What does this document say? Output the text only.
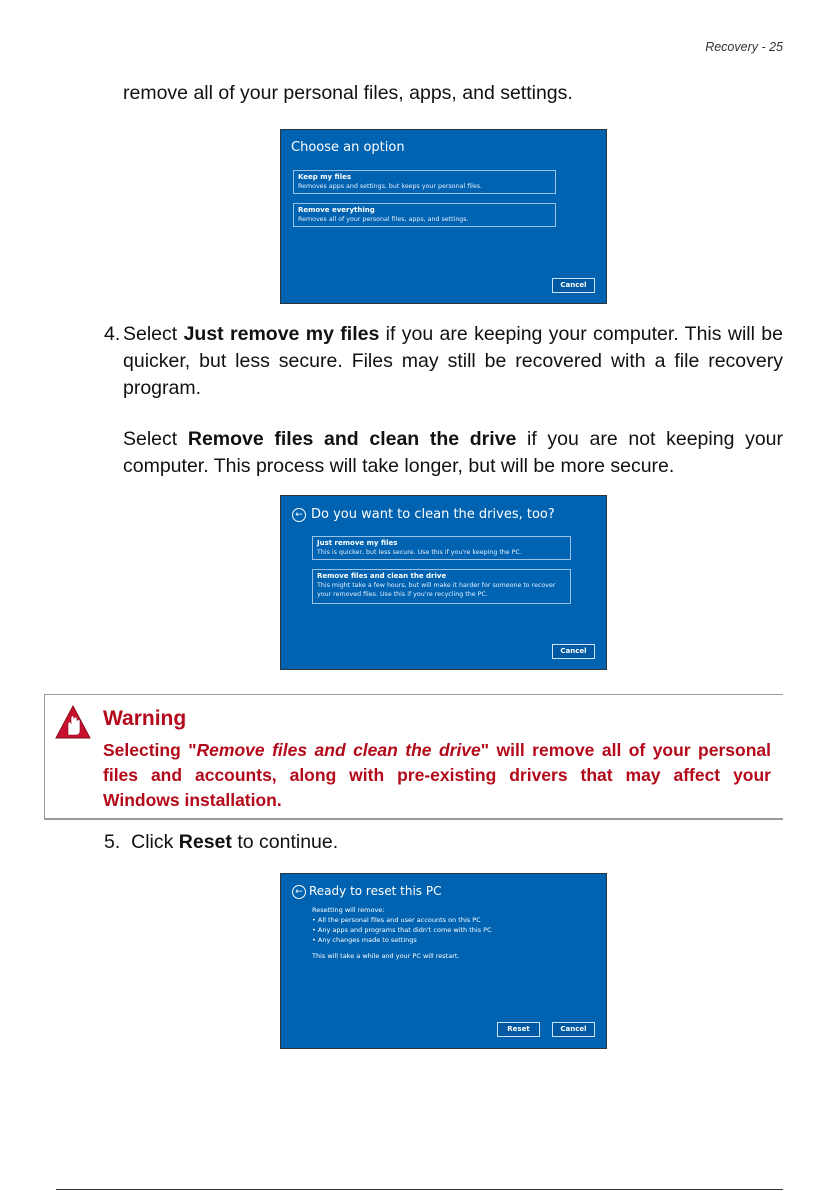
Recovery - 25
remove all of your personal files, apps, and settings.
Choose an option
Keep my files
Removes apps and settings, but keeps your personal files.
Remove everything
Removes all of your personal files, apps, and settings.
Cancel
4. Select Just remove my files if you are keeping your computer. This will be quicker, but less secure. Files may still be recovered with a file recovery program.
Select Remove files and clean the drive if you are not keeping your computer. This process will take longer, but will be more secure.
← Do you want to clean the drives, too?
Just remove my files
This is quicker, but less secure. Use this if you're keeping the PC.
Remove files and clean the drive
This might take a few hours, but will make it harder for someone to recover your removed files. Use this if you're recycling the PC.
Cancel
Warning
Selecting "Remove files and clean the drive" will remove all of your personal files and accounts, along with pre-existing drivers that may affect your Windows installation.
5. Click Reset to continue.
← Ready to reset this PC
Resetting will remove:
• All the personal files and user accounts on this PC
• Any apps and programs that didn't come with this PC
• Any changes made to settings
This will take a while and your PC will restart.
Reset	Cancel
